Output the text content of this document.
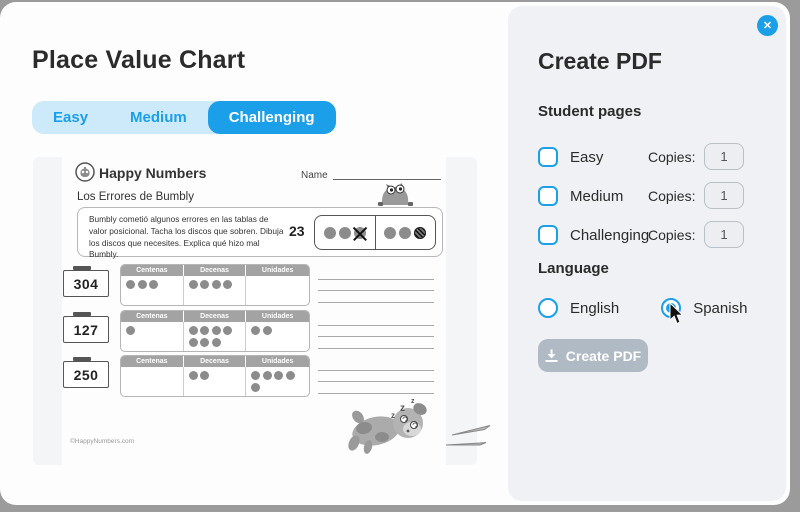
Place Value Chart
Easy	Medium	Challenging
Happy Numbers	Name
Los Errores de Bumbly
Bumbly cometió algunos errores en las tablas de valor posicional. Tacha los discos que sobren. Dibuja los discos que necesites. Explica qué hizo mal Bumbly.
23
304
Centenas	Decenas	Unidades
127
Centenas	Decenas	Unidades
250
Centenas	Decenas	Unidades
©HappyNumbers.com
z
z
z
✕
Create PDF
Student pages
Easy	Copies:
1
Medium Copies:
1
Challenging
Copies:
1
Language
English	Spanish
Create PDF
